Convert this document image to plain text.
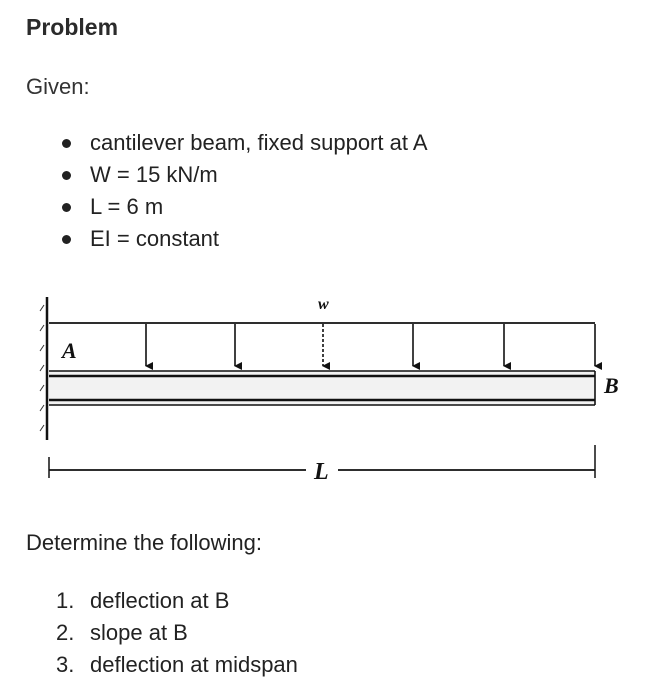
Problem
Given:
cantilever beam, fixed support at A
W = 15 kN/m
L = 6 m
EI = constant
w
A
B
L
Determine the following:
1. deflection at B
2. slope at B
3. deflection at midspan
